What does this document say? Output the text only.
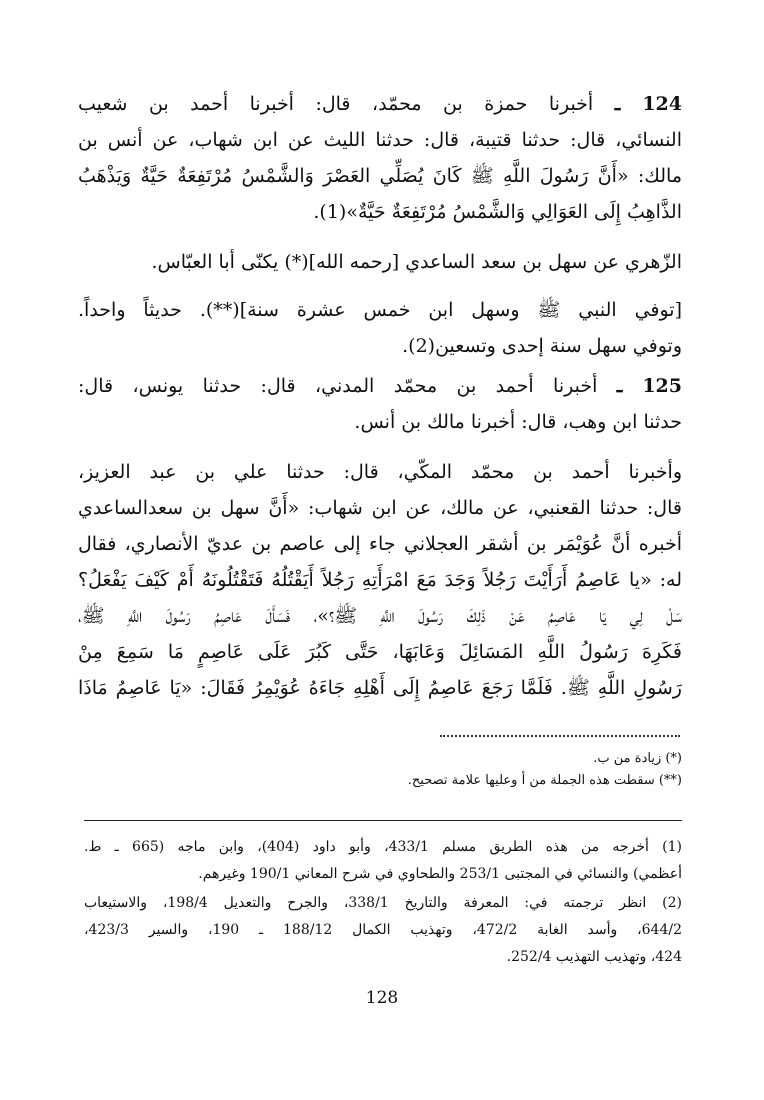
124 ـ أخبرنا حمزة بن محمّد، قال: أخبرنا أحمد بن شعيب
النسائي، قال: حدثنا قتيبة، قال: حدثنا الليث عن ابن شهاب، عن أنس بن
مالك: «أَنَّ رَسُولَ اللَّهِ ﷺ كَانَ يُصَلِّي العَصْرَ وَالشَّمْسُ مُرْتَفِعَةٌ حَيَّةٌ وَيَذْهَبُ
الذَّاهِبُ إِلَى العَوَالِي وَالشَّمْسُ مُرْتَفِعَةٌ حَيَّةٌ»(1).
الزّهري عن سهل بن سعد الساعدي [رحمه الله](*) يكنّى أبا العبّاس.
[توفي النبي ﷺ وسهل ابن خمس عشرة سنة](**). حديثاً واحداً.
وتوفي سهل سنة إحدى وتسعين(2).
125 ـ أخبرنا أحمد بن محمّد المدني، قال: حدثنا يونس، قال:
حدثنا ابن وهب، قال: أخبرنا مالك بن أنس.
وأخبرنا أحمد بن محمّد المكّي، قال: حدثنا علي بن عبد العزيز،
قال: حدثنا القعنبي، عن مالك، عن ابن شهاب: «أَنَّ سهل بن سعدالساعدي
أخبره أنَّ عُوَيْمَر بن أشقر العجلاني جاء إلى عاصم بن عديّ الأنصاري، فقال
له: «يا عَاصِمُ أَرَأَيْتَ رَجُلاً وَجَدَ مَعَ امْرَأَتِهِ رَجُلاً أَيَقْتُلُهُ فَتَقْتُلُونَهُ أَمْ كَيْفَ يَفْعَلُ؟
سَلْ لِي يَا عَاصِمُ عَنْ ذَلِكَ رَسُولَ اللَّهِ ﷺ؟»، فَسَأَلَ عَاصِمُ رَسُولَ اللَّهِ ﷺ،
فَكَرِهَ رَسُولُ اللَّهِ المَسَائِلَ وَعَابَهَا، حَتَّى كَبُرَ عَلَى عَاصِمٍ مَا سَمِعَ مِنْ
رَسُولِ اللَّهِ ﷺ. فَلَمَّا رَجَعَ عَاصِمُ إِلَى أَهْلِهِ جَاءَهُ عُوَيْمِرُ فَقَالَ: «يَا عَاصِمُ مَاذَا
(*) زيادة من ب.
(**) سقطت هذه الجملة من أ وعليها علامة تصحيح.
(1) أخرجه من هذه الطريق مسلم 433/1، وأبو داود (404)، وابن ماجه (665 ـ ط.
أعظمي) والنسائي في المجتبى 253/1 والطحاوي في شرح المعاني 190/1 وغيرهم.
(2) انظر ترجمته في: المعرفة والتاريخ 338/1، والجرح والتعديل 198/4، والاستيعاب
644/2، وأسد الغابة 472/2، وتهذيب الكمال 188/12 ـ 190، والسير 423/3،
424، وتهذيب التهذيب 252/4.
128
